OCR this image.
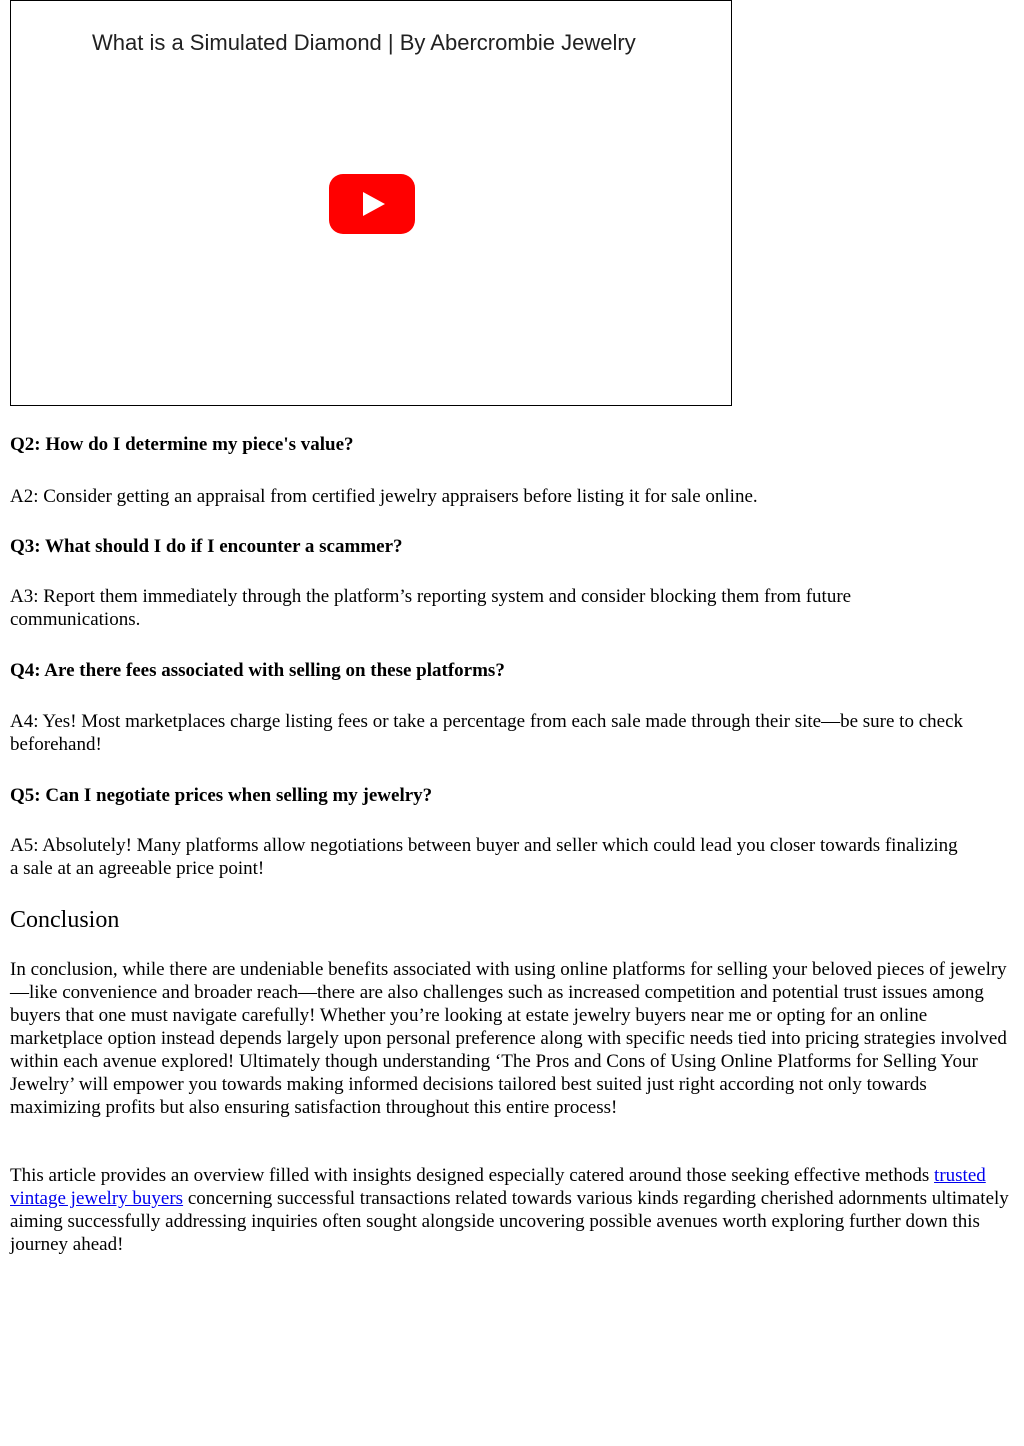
What is a Simulated Diamond | By Abercrombie Jewelry

Q2: How do I determine my piece's value?

A2: Consider getting an appraisal from certified jewelry appraisers before listing it for sale online.

Q3: What should I do if I encounter a scammer?

A3: Report them immediately through the platform’s reporting system and consider blocking them from future communications.

Q4: Are there fees associated with selling on these platforms?

A4: Yes! Most marketplaces charge listing fees or take a percentage from each sale made through their site—be sure to check beforehand!

Q5: Can I negotiate prices when selling my jewelry?

A5: Absolutely! Many platforms allow negotiations between buyer and seller which could lead you closer towards finalizing a sale at an agreeable price point!

Conclusion

In conclusion, while there are undeniable benefits associated with using online platforms for selling your beloved pieces of jewelry—like convenience and broader reach—there are also challenges such as increased competition and potential trust issues among buyers that one must navigate carefully! Whether you’re looking at estate jewelry buyers near me or opting for an online marketplace option instead depends largely upon personal preference along with specific needs tied into pricing strategies involved within each avenue explored! Ultimately though understanding ‘The Pros and Cons of Using Online Platforms for Selling Your Jewelry’ will empower you towards making informed decisions tailored best suited just right according not only towards maximizing profits but also ensuring satisfaction throughout this entire process!

This article provides an overview filled with insights designed especially catered around those seeking effective methods trusted vintage jewelry buyers concerning successful transactions related towards various kinds regarding cherished adornments ultimately aiming successfully addressing inquiries often sought alongside uncovering possible avenues worth exploring further down this journey ahead!
